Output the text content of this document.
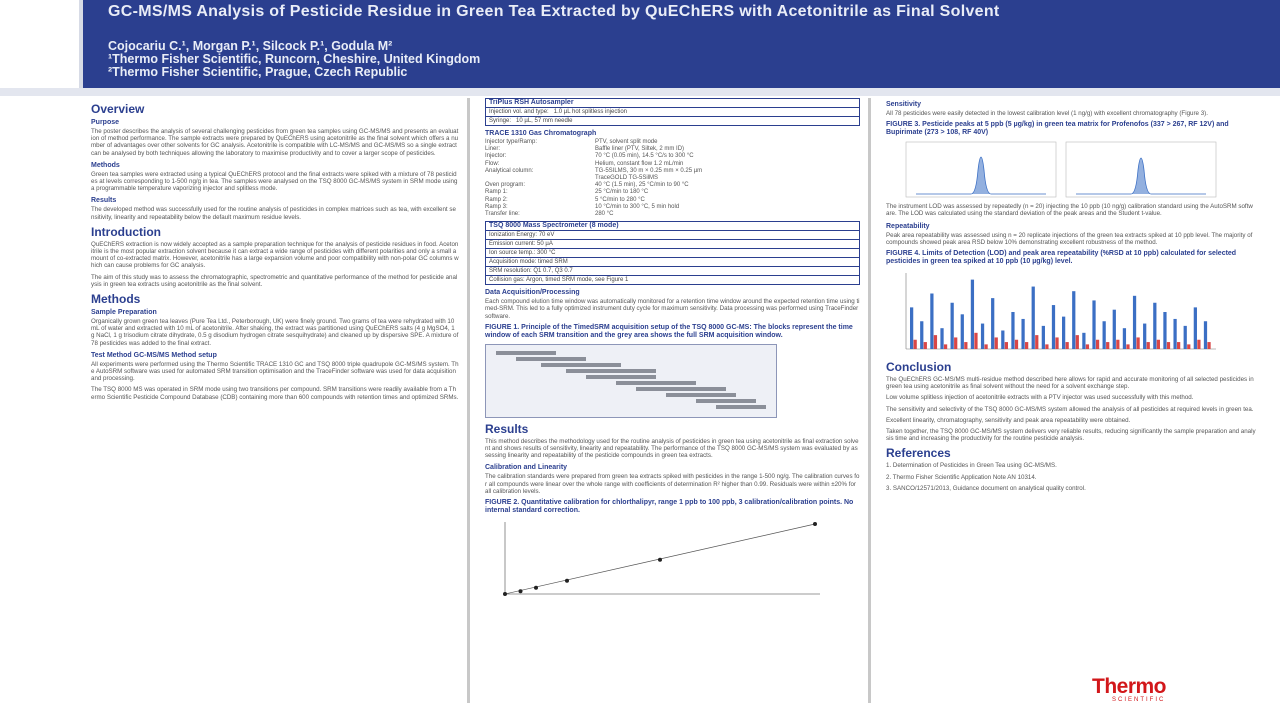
GC-MS/MS Analysis of Pesticide Residue in Green Tea Extracted by QuEChERS with Acetonitrile as Final Solvent
Cojocariu C.¹, Morgan P.¹, Silcock P.¹, Godula M²
¹Thermo Fisher Scientific, Runcorn, Cheshire, United Kingdom
²Thermo Fisher Scientific, Prague, Czech Republic
Overview
Purpose
The poster describes the analysis of several challenging pesticides from green tea samples using GC-MS/MS and presents an evaluation of method performance. The sample extracts were prepared by QuEChERS using acetonitrile as the final solvent which offers a number of advantages over other solvents for GC analysis. Acetonitrile is compatible with LC-MS/MS and GC-MS/MS so a single extract can be analysed by both techniques allowing the laboratory to maximise productivity and to cover a larger scope of pesticides.
Methods
Green tea samples were extracted using a typical QuEChERS protocol and the final extracts were spiked with a mixture of 78 pesticides at levels corresponding to 1-500 ng/g in tea. The samples were analysed on the TSQ 8000 GC-MS/MS system in SRM mode using a programmable temperature vaporizing injector and splitless mode.
Results
The developed method was successfully used for the routine analysis of pesticides in complex matrices such as tea, with excellent sensitivity, linearity and repeatability below the default maximum residue levels.
Introduction
QuEChERS extraction is now widely accepted as a sample preparation technique for the analysis of pesticide residues in food. Acetonitrile is the most popular extraction solvent because it can extract a wide range of pesticides with different polarities and only a small amount of co-extracted matrix. However, acetonitrile has a large expansion volume and poor compatibility with non-polar GC columns which can cause problems for GC analysis.
The aim of this study was to assess the chromatographic, spectrometric and quantitative performance of the method for pesticide analysis in green tea extracts using acetonitrile as the final solvent.
Methods
Sample Preparation
Organically grown green tea leaves (Pure Tea Ltd., Peterborough, UK) were finely ground. Two grams of tea were rehydrated with 10 mL of water and extracted with 10 mL of acetonitrile. After shaking, the extract was partitioned using QuEChERS salts (4 g MgSO4, 1 g NaCl, 1 g trisodium citrate dihydrate, 0.5 g disodium hydrogen citrate sesquihydrate) and cleaned up by dispersive SPE. A mixture of 78 pesticides was added to the final extract.
Test Method GC-MS/MS Method setup
All experiments were performed using the Thermo Scientific TRACE 1310 GC and TSQ 8000 triple quadrupole GC-MS/MS system. The AutoSRM software was used for automated SRM transition optimisation and the TraceFinder software was used for data acquisition and processing.
The TSQ 8000 MS was operated in SRM mode using two transitions per compound. SRM transitions were readily available from a Thermo Scientific Pesticide Compound Database (CDB) containing more than 600 compounds with retention times and optimized SRMs.
TriPlus RSH Autosampler
Injection vol. and type: 1.0 µL hot splitless injection
Syringe: 10 µL, 57 mm needle
TRACE 1310 Gas Chromatograph
Injector type/Ramp:	PTV, solvent split mode
Liner:	Baffle liner (PTV, Siltek, 2 mm ID)
Injector:	70 °C (0.05 min), 14.5 °C/s to 300 °C
Flow:	Helium, constant flow 1.2 mL/min
Analytical column:	TG-5SILMS, 30 m × 0.25 mm × 0.25 µm
TraceGOLD TG-5SilMS
Oven program:	40 °C (1.5 min), 25 °C/min to 90 °C
Ramp 1:	25 °C/min to 180 °C
Ramp 2:	5 °C/min to 280 °C
Ramp 3:	10 °C/min to 300 °C, 5 min hold
Transfer line:	280 °C
TSQ 8000 Mass Spectrometer (8 mode)
Ionization Energy: 70 eV
Emission current: 50 µA
Ion source temp.: 300 °C
Acquisition mode: timed SRM
SRM resolution: Q1 0.7, Q3 0.7
Collision gas: Argon, timed SRM mode, see Figure 1
Data Acquisition/Processing
Each compound elution time window was automatically monitored for a retention time window around the expected retention time using timed-SRM. This led to a fully optimized instrument duty cycle for maximum sensitivity. Data processing was performed using TraceFinder software.
FIGURE 1. Principle of the TimedSRM acquisition setup of the TSQ 8000 GC-MS: The blocks represent the time window of each SRM transition and the grey area shows the full SRM acquisition window.
Results
This method describes the methodology used for the routine analysis of pesticides in green tea using acetonitrile as final extraction solvent and shows results of sensitivity, linearity and repeatability. The performance of the TSQ 8000 GC-MS/MS system was evaluated by assessing linearity and repeatability of the pesticide compounds in green tea extracts.
Calibration and Linearity
The calibration standards were prepared from green tea extracts spiked with pesticides in the range 1-500 ng/g. The calibration curves for all compounds were linear over the whole range with coefficients of determination R² higher than 0.99. Residuals were within ±20% for all calibration levels.
FIGURE 2. Quantitative calibration for chlorthalipyr, range 1 ppb to 100 ppb, 3 calibration/calibration points. No internal standard correction.
Sensitivity
All 78 pesticides were easily detected in the lowest calibration level (1 ng/g) with excellent chromatography (Figure 3).
FIGURE 3. Pesticide peaks at 5 ppb (5 µg/kg) in green tea matrix for Profenofos (337 > 267, RF 12V) and Bupirimate (273 > 108, RF 40V)
The instrument LOD was assessed by repeatedly (n = 20) injecting the 10 ppb (10 ng/g) calibration standard using the AutoSRM software. The LOD was calculated using the standard deviation of the peak areas and the Student t-value.
Repeatability
Peak area repeatability was assessed using n = 20 replicate injections of the green tea extracts spiked at 10 ppb level. The majority of compounds showed peak area RSD below 10% demonstrating excellent robustness of the method.
FIGURE 4. Limits of Detection (LOD) and peak area repeatability (%RSD at 10 ppb) calculated for selected pesticides in green tea spiked at 10 ppb (10 µg/kg) level.
Conclusion
The QuEChERS GC-MS/MS multi-residue method described here allows for rapid and accurate monitoring of all selected pesticides in green tea using acetonitrile as final solvent without the need for a solvent exchange step.
Low volume splitless injection of acetonitrile extracts with a PTV injector was used successfully with this method.
The sensitivity and selectivity of the TSQ 8000 GC-MS/MS system allowed the analysis of all pesticides at required levels in green tea.
Excellent linearity, chromatography, sensitivity and peak area repeatability were obtained.
Taken together, the TSQ 8000 GC-MS/MS system delivers very reliable results, reducing significantly the sample preparation and analysis time and increasing the productivity for the routine pesticide analysis.
References
1. Determination of Pesticides in Green Tea using GC-MS/MS.
2. Thermo Fisher Scientific Application Note AN 10314.
3. SANCO/12571/2013, Guidance document on analytical quality control.
Thermo
SCIENTIFIC
